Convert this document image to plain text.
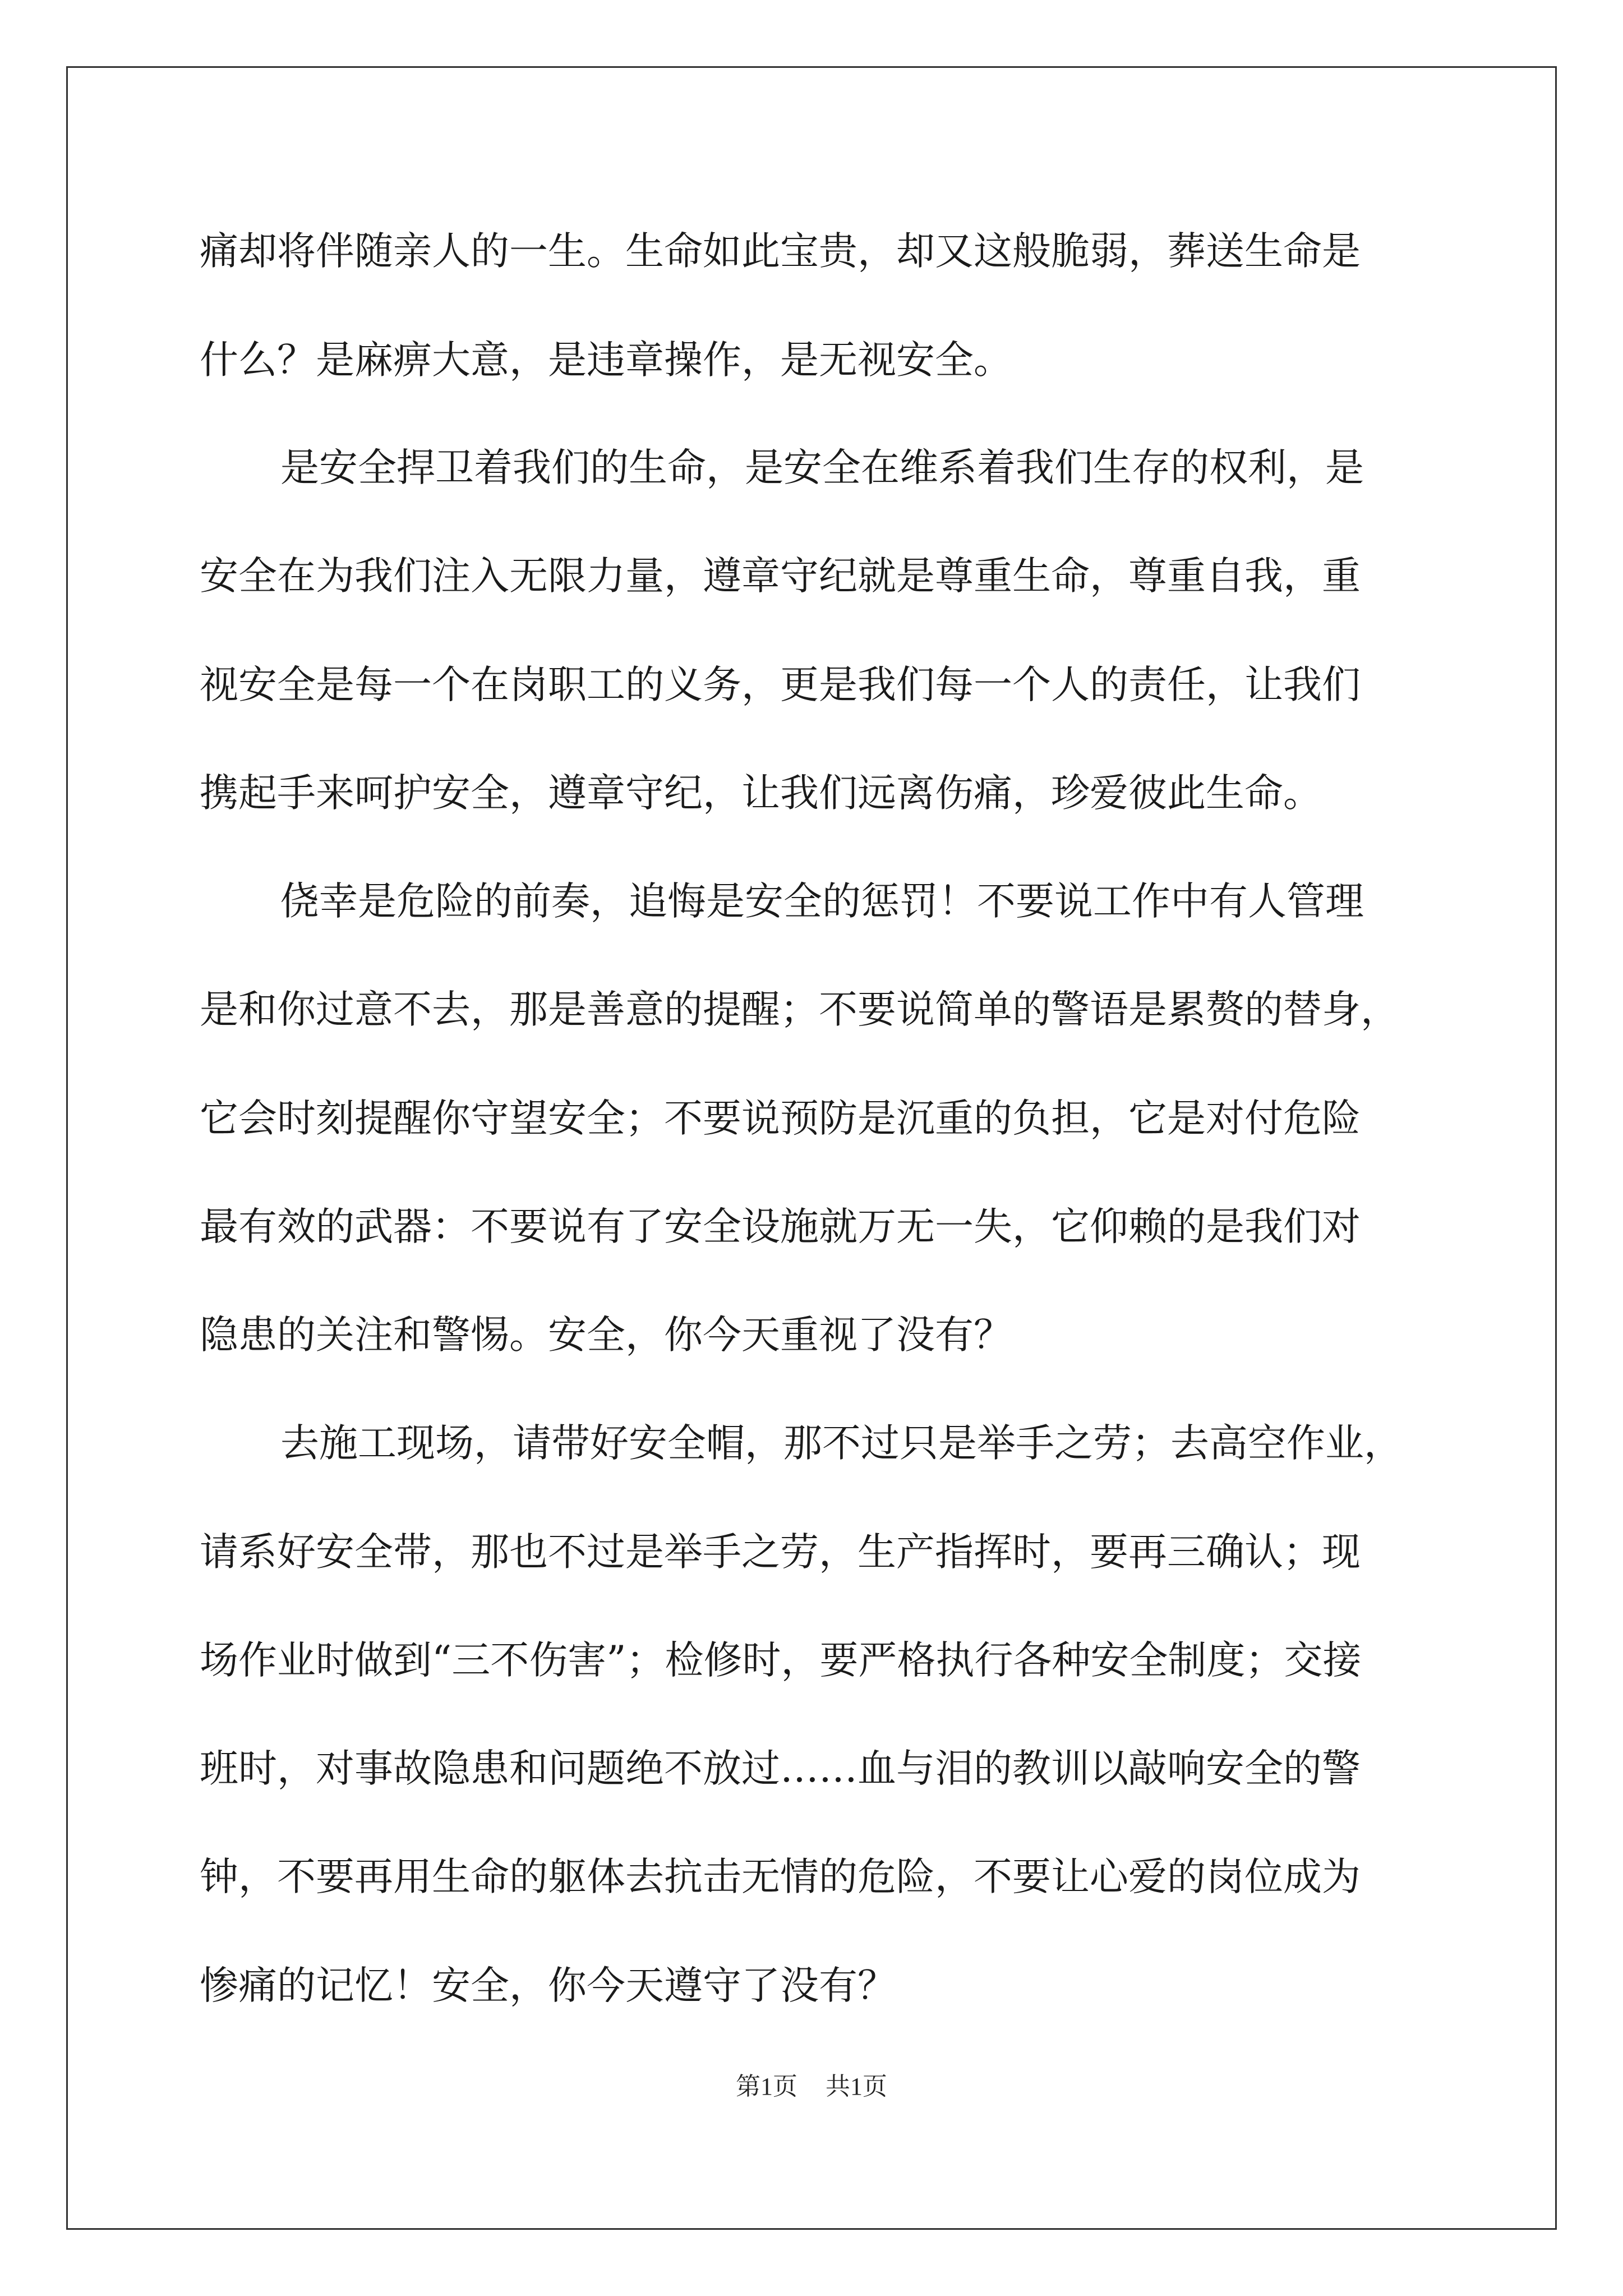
痛却将伴随亲人的一生。生命如此宝贵，却又这般脆弱，葬送生命是
什么？是麻痹大意，是违章操作，是无视安全。
是安全捍卫着我们的生命，是安全在维系着我们生存的权利，是
安全在为我们注入无限力量，遵章守纪就是尊重生命，尊重自我，重
视安全是每一个在岗职工的义务，更是我们每一个人的责任，让我们
携起手来呵护安全，遵章守纪，让我们远离伤痛，珍爱彼此生命。
侥幸是危险的前奏，追悔是安全的惩罚！不要说工作中有人管理
是和你过意不去，那是善意的提醒；不要说简单的警语是累赘的替身，
它会时刻提醒你守望安全；不要说预防是沉重的负担，它是对付危险
最有效的武器：不要说有了安全设施就万无一失，它仰赖的是我们对
隐患的关注和警惕。安全，你今天重视了没有？
去施工现场，请带好安全帽，那不过只是举手之劳；去高空作业，
请系好安全带，那也不过是举手之劳，生产指挥时，要再三确认；现
场作业时做到“三不伤害”；检修时，要严格执行各种安全制度；交接
班时，对事故隐患和问题绝不放过……血与泪的教训以敲响安全的警
钟，不要再用生命的躯体去抗击无情的危险，不要让心爱的岗位成为
惨痛的记忆！安全，你今天遵守了没有？
第1页 共1页
